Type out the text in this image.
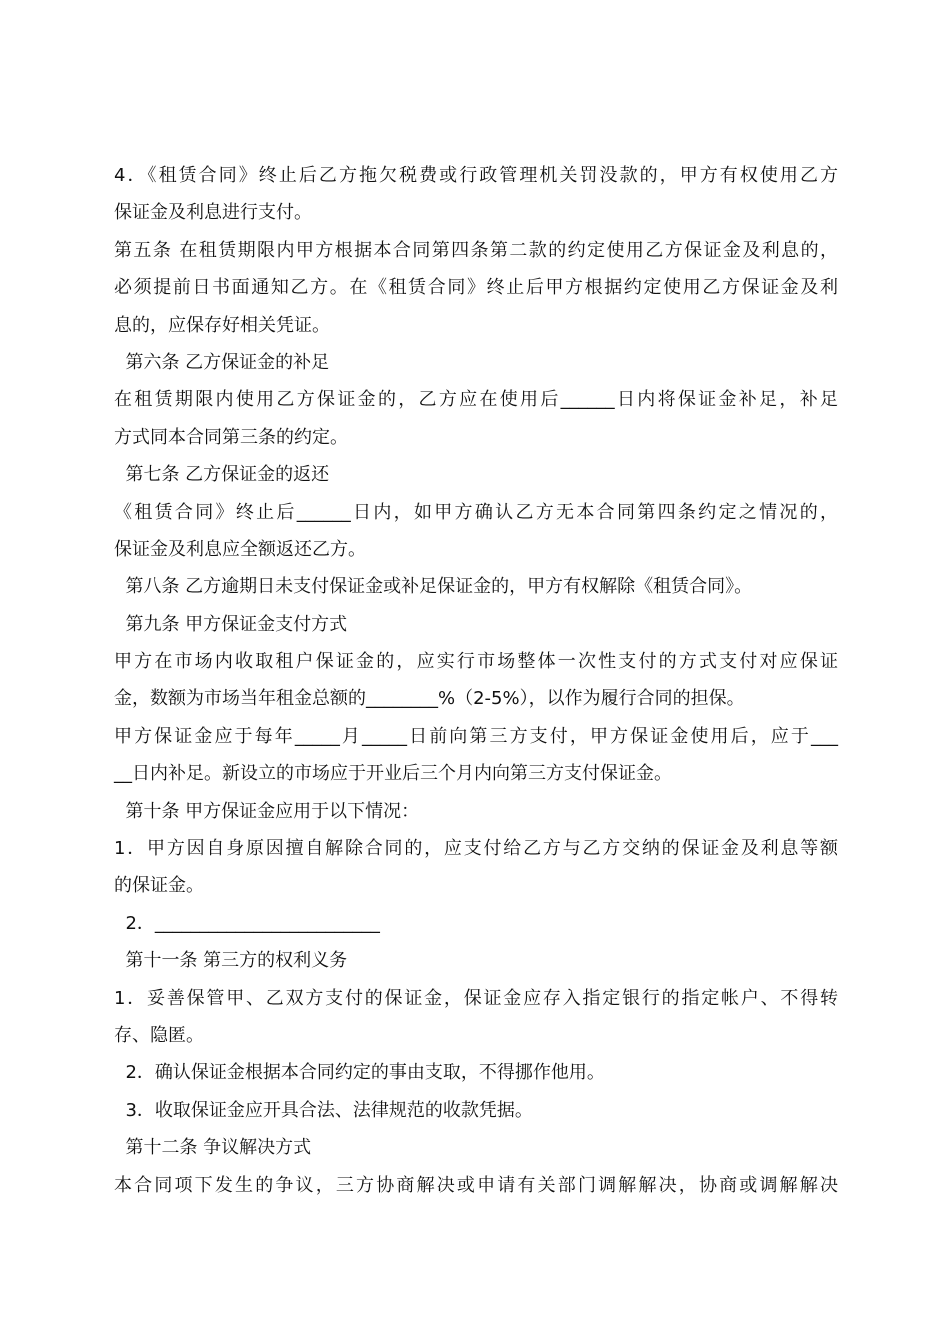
4．《租赁合同》终止后乙方拖欠税费或行政管理机关罚没款的，甲方有权使用乙方
保证金及利息进行支付。
第五条 在租赁期限内甲方根据本合同第四条第二款的约定使用乙方保证金及利息的，
必须提前日书面通知乙方。在《租赁合同》终止后甲方根据约定使用乙方保证金及利
息的，应保存好相关凭证。
第六条 乙方保证金的补足
在租赁期限内使用乙方保证金的，乙方应在使用后______日内将保证金补足，补足
方式同本合同第三条的约定。
第七条 乙方保证金的返还
《租赁合同》终止后______日内，如甲方确认乙方无本合同第四条约定之情况的，
保证金及利息应全额返还乙方。
第八条 乙方逾期日未支付保证金或补足保证金的，甲方有权解除《租赁合同》。
第九条 甲方保证金支付方式
甲方在市场内收取租户保证金的，应实行市场整体一次性支付的方式支付对应保证
金，数额为市场当年租金总额的________%（2-5%），以作为履行合同的担保。
甲方保证金应于每年_____月_____日前向第三方支付，甲方保证金使用后，应于___
__日内补足。新设立的市场应于开业后三个月内向第三方支付保证金。
第十条 甲方保证金应用于以下情况：
1．甲方因自身原因擅自解除合同的，应支付给乙方与乙方交纳的保证金及利息等额
的保证金。
2．_________________________
第十一条 第三方的权利义务
1．妥善保管甲、乙双方支付的保证金，保证金应存入指定银行的指定帐户、不得转
存、隐匿。
2．确认保证金根据本合同约定的事由支取，不得挪作他用。
3．收取保证金应开具合法、法律规范的收款凭据。
第十二条 争议解决方式
本合同项下发生的争议，三方协商解决或申请有关部门调解解决，协商或调解解决
